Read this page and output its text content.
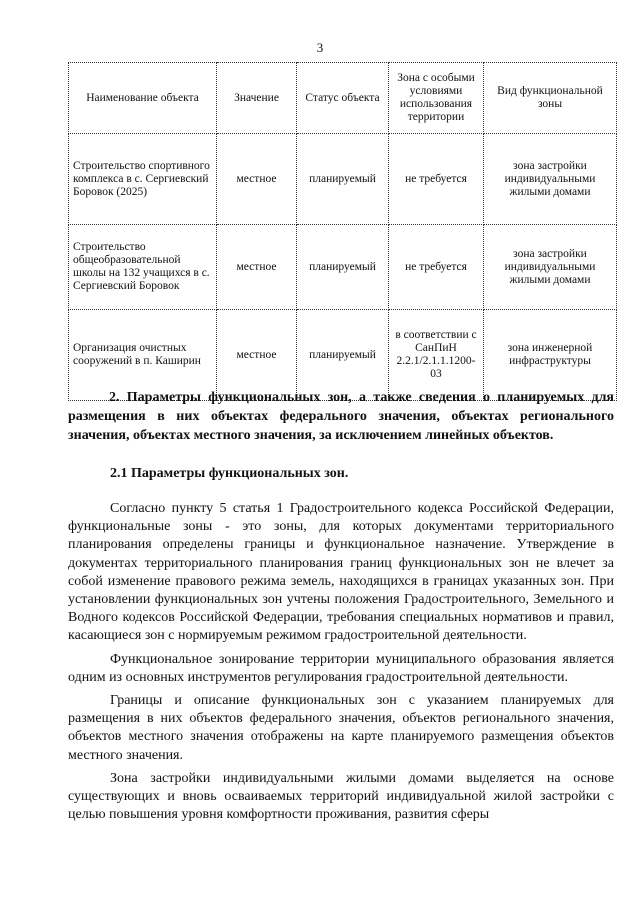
3
Наименование объекта	Значение	Статус объекта	Зона с особыми условиями использования территории	Вид функциональной зоны
Строительство спортивного комплекса в с. Сергиевский Боровок (2025)	местное	планируемый	не требуется	зона застройки индивидуальными жилыми домами
Строительство общеобразовательной школы на 132 учащихся в с. Сергиевский Боровок	местное	планируемый	не требуется	зона застройки индивидуальными жилыми домами
Организация очистных сооружений в п. Каширин	местное	планируемый	в соответствии с СанПиН 2.2.1/2.1.1.1200-03	зона инженерной инфраструктуры

2. Параметры функциональных зон, а также сведения о планируемых для размещения в них объектах федерального значения, объектах регионального значения, объектах местного значения, за исключением линейных объектов.

2.1 Параметры функциональных зон.

Согласно пункту 5 статья 1 Градостроительного кодекса Российской Федерации, функциональные зоны - это зоны, для которых документами территориального планирования определены границы и функциональное назначение. Утверждение в документах территориального планирования границ функциональных зон не влечет за собой изменение правового режима земель, находящихся в границах указанных зон. При установлении функциональных зон учтены положения Градостроительного, Земельного и Водного кодексов Российской Федерации, требования специальных нормативов и правил, касающиеся зон с нормируемым режимом градостроительной деятельности.

Функциональное зонирование территории муниципального образования является одним из основных инструментов регулирования градостроительной деятельности.

Границы и описание функциональных зон с указанием планируемых для размещения в них объектов федерального значения, объектов регионального значения, объектов местного значения отображены на карте планируемого размещения объектов местного значения.

Зона застройки индивидуальными жилыми домами выделяется на основе существующих и вновь осваиваемых территорий индивидуальной жилой застройки с целью повышения уровня комфортности проживания, развития сферы
